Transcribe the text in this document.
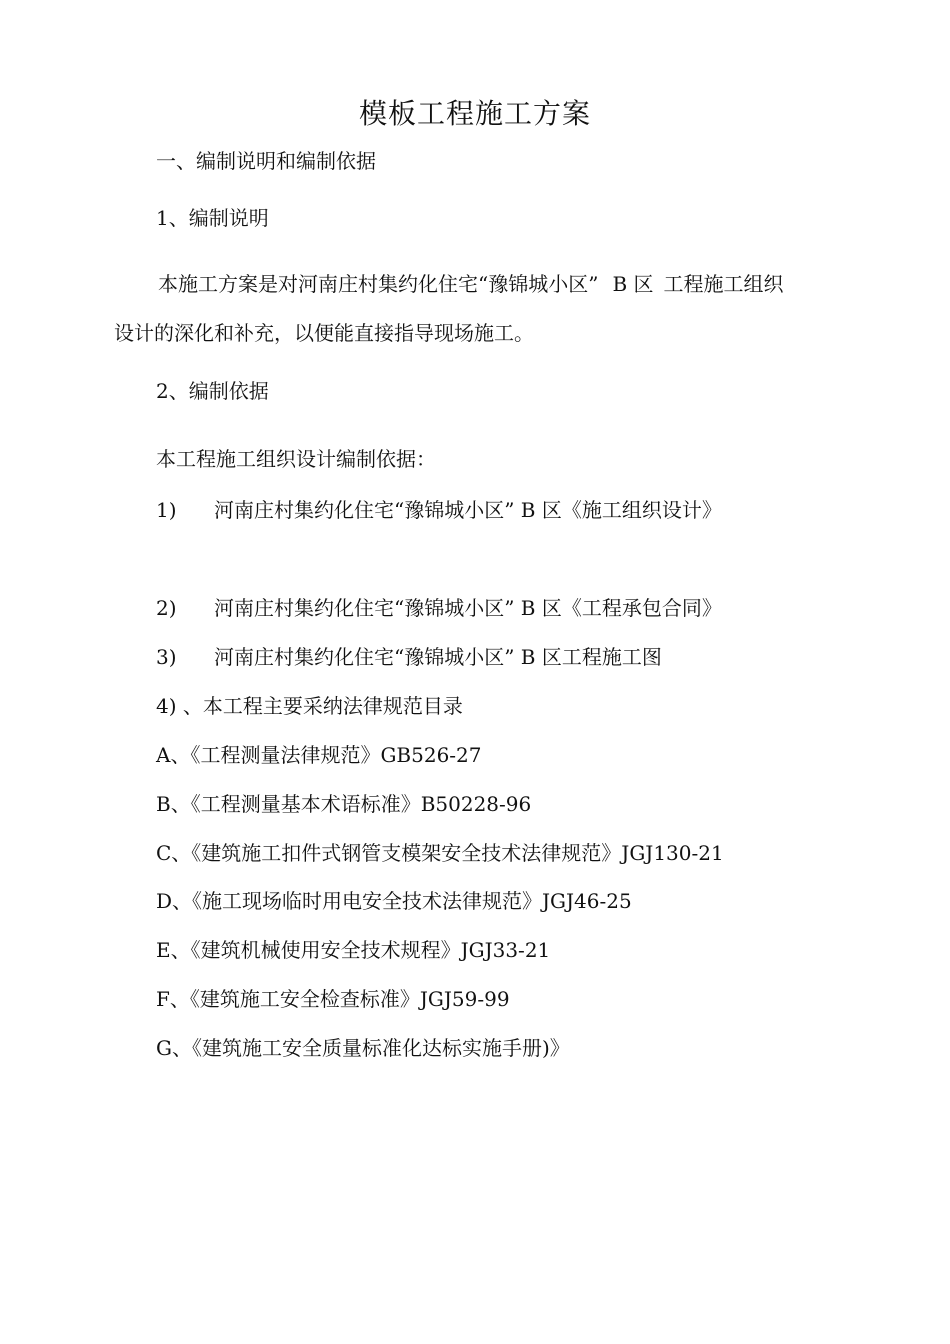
模板工程施工方案
一、编制说明和编制依据
1、编制说明
本施工方案是对河南庄村集约化住宅“豫锦城小区” B 区 工程施工组织
设计的深化和补充，以便能直接指导现场施工。
2、编制依据
本工程施工组织设计编制依据：
1) 河南庄村集约化住宅“豫锦城小区” B 区《施工组织设计》
2) 河南庄村集约化住宅“豫锦城小区” B 区《工程承包合同》
3) 河南庄村集约化住宅“豫锦城小区” B 区工程施工图
4) 、本工程主要采纳法律规范目录
A、《工程测量法律规范》GB526-27
B、《工程测量基本术语标准》B50228-96
C、《建筑施工扣件式钢管支模架安全技术法律规范》JGJ130-21
D、《施工现场临时用电安全技术法律规范》JGJ46-25
E、《建筑机械使用安全技术规程》JGJ33-21
F、《建筑施工安全检查标准》JGJ59-99
G、《建筑施工安全质量标准化达标实施手册)》
